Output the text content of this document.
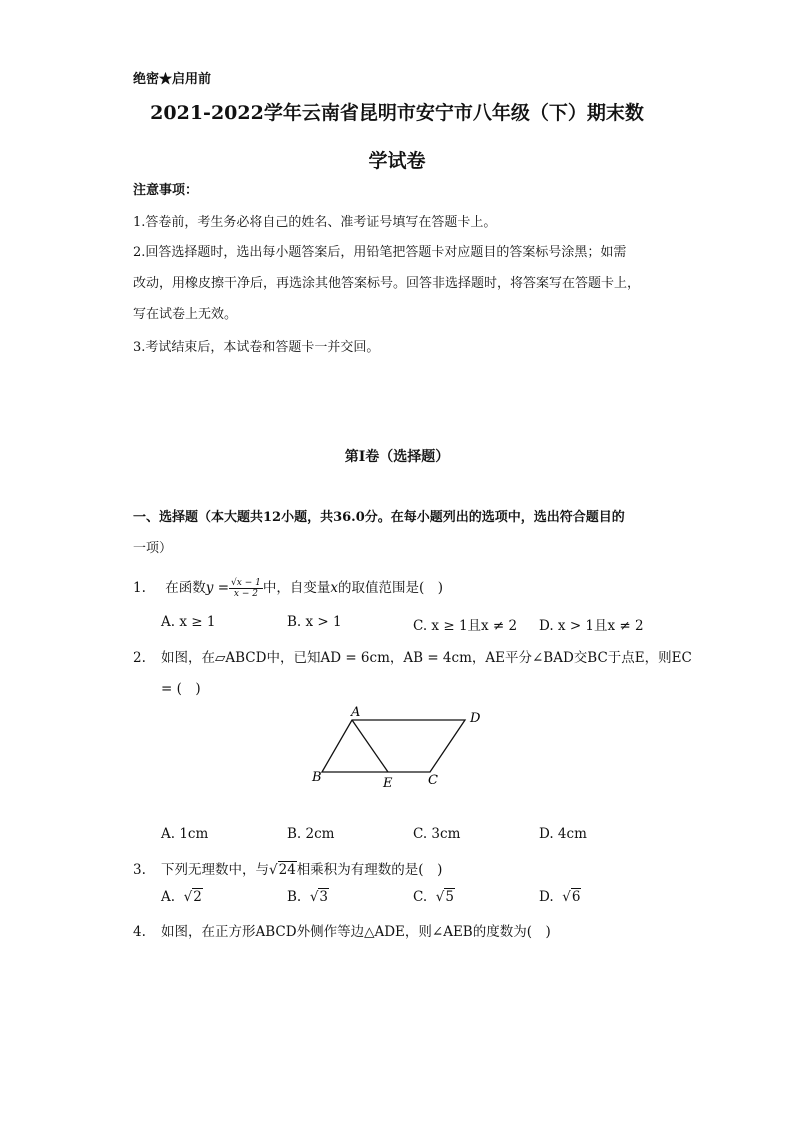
绝密★启用前
2021-2022学年云南省昆明市安宁市八年级（下）期末数
学试卷
注意事项：
1.答卷前，考生务必将自己的姓名、准考证号填写在答题卡上。
2.回答选择题时，选出每小题答案后，用铅笔把答题卡对应题目的答案标号涂黑；如需
改动，用橡皮擦干净后，再选涂其他答案标号。回答非选择题时，将答案写在答题卡上，
写在试卷上无效。
3.考试结束后，本试卷和答题卡一并交回。
第Ⅰ卷（选择题）
一、选择题（本大题共12小题，共36.0分。在每小题列出的选项中，选出符合题目的
一项）
1. 在函数$y = \frac{√x - 1}{x - 2}$ 中，自变量x的取值范围是(　)
A. x ≥ 1	B. x > 1	C. x ≥ 1且x ≠ 2 D. x > 1且x ≠ 2
2. 如图，在▱ABCD中，已知AD = 6cm，AB = 4cm，AE平分∠BAD交BC于点E，则EC
= (　)
A	D
B	E	C
A. 1cm	B. 2cm	C. 3cm	D. 4cm
3. 下列无理数中，与√24相乘积为有理数的是(　)
A. √2	B. √3	C. √5	D. √6
4. 如图，在正方形ABCD外侧作等边△ADE，则∠AEB的度数为(　)
